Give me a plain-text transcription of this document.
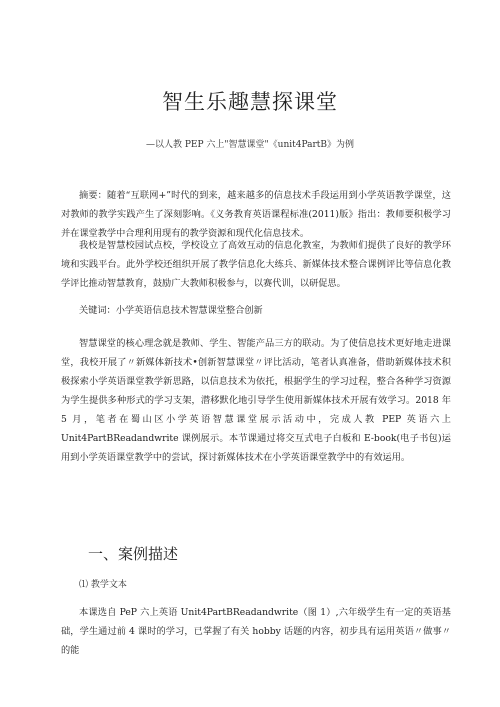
智生乐趣慧探课堂
—以人教 PEP 六上"智慧课堂"《unit4PartB》为例

摘要：随着“互联网+”时代的到来，越来越多的信息技术手段运用到小学英语教学课堂，这对教师的教学实践产生了深刻影响。《义务教育英语课程标准(2011)版》指出：教师要积极学习并在课堂教学中合理利用现有的教学资源和现代化信息技术。

我校是智慧校园试点校，学校设立了高效互动的信息化教室，为教师们提供了良好的教学环境和实践平台。此外学校还组织开展了教学信息化大练兵、新媒体技术整合课例评比等信息化教学评比推动智慧教育，鼓励广大教师积极参与，以赛代训，以研促思。

关键词：小学英语信息技术智慧课堂整合创新

智慧课堂的核心理念就是教师、学生、智能产品三方的联动。为了使信息技术更好地走进课堂，我校开展了〃新媒体新技术•创新智慧课堂〃评比活动，笔者认真准备，借助新媒体技术积极探索小学英语课堂教学新思路，以信息技术为依托，根据学生的学习过程，整合各种学习资源为学生提供多种形式的学习支架，潜移默化地引导学生使用新媒体技术开展有效学习。2018 年 5 月，笔者在蜀山区小学英语智慧课堂展示活动中，完成人教 PEP 英语六上 Unit4PartBReadandwrite 课例展示。本节课通过将交互式电子白板和 E-book(电子书包)运用到小学英语课堂教学中的尝试，探讨新媒体技术在小学英语课堂教学中的有效运用。

一、案例描述
⑴ 教学文本

本课选自 PeP 六上英语 Unit4PartBReadandwrite（图 1）,六年级学生有一定的英语基础，学生通过前 4 课时的学习，已掌握了有关 hobby 话题的内容，初步具有运用英语〃做事〃的能
